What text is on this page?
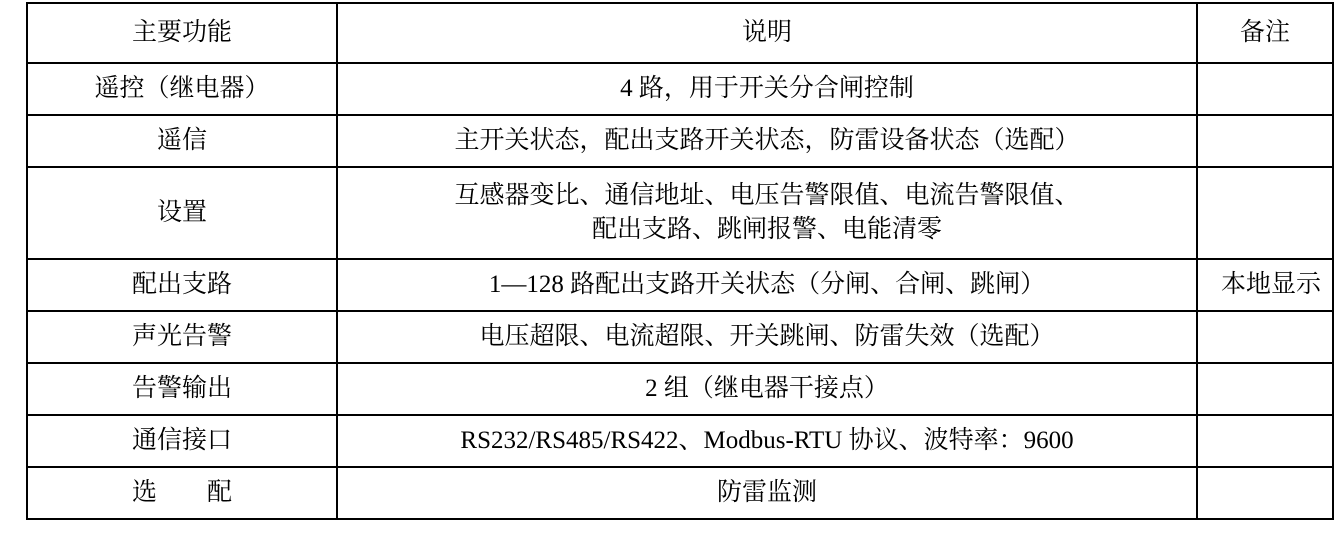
主要功能	说明	备注
遥控（继电器）	4 路，用于开关分合闸控制	
遥信	主开关状态，配出支路开关状态，防雷设备状态（选配）	
设置	互感器变比、通信地址、电压告警限值、电流告警限值、
配出支路、跳闸报警、电能清零	

配出支路	1—128 路配出支路开关状态（分闸、合闸、跳闸）	本地显示
声光告警	电压超限、电流超限、开关跳闸、防雷失效（选配）	
告警输出	2 组（继电器干接点）	
通信接口	RS232/RS485/RS422、Modbus-RTU 协议、波特率：9600	
选　　配	防雷监测	
